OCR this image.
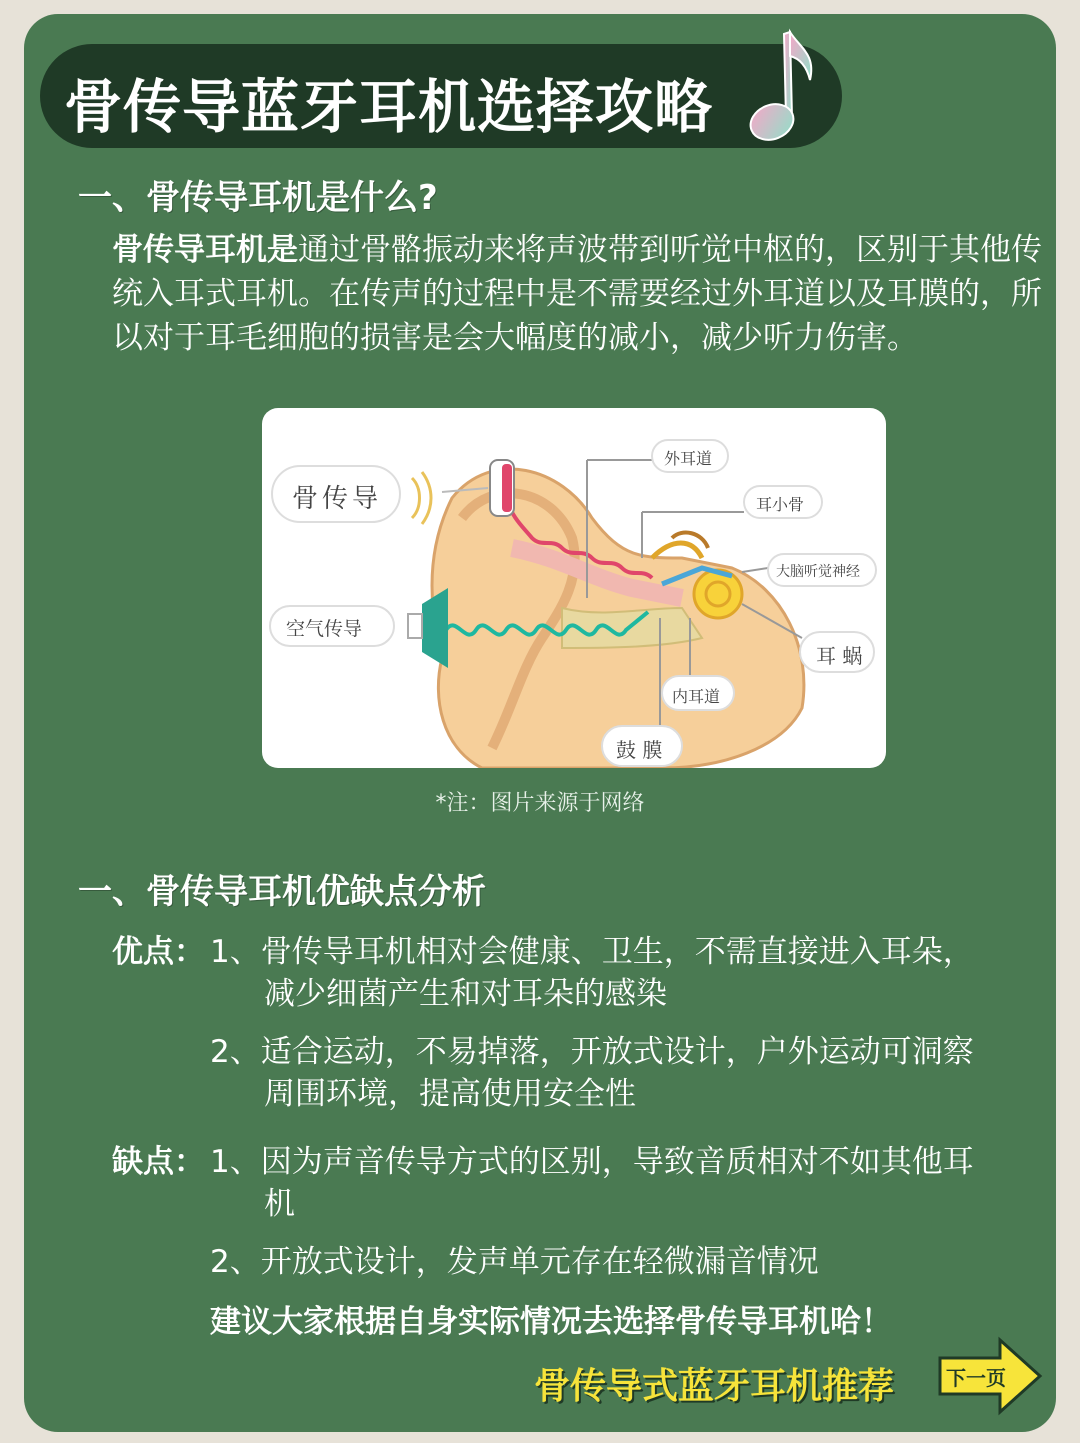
骨传导蓝牙耳机选择攻略
一、骨传导耳机是什么?
骨传导耳机是通过骨骼振动来将声波带到听觉中枢的，区别于其他传统入耳式耳机。在传声的过程中是不需要经过外耳道以及耳膜的，所以对于耳毛细胞的损害是会大幅度的减小，减少听力伤害。
骨传导
空气传导
外耳道
耳小骨
大脑听觉神经
耳 蜗
内耳道
鼓 膜
*注：图片来源于网络
一、骨传导耳机优缺点分析
优点： 1、骨传导耳机相对会健康、卫生，不需直接进入耳朵，
减少细菌产生和对耳朵的感染
2、适合运动，不易掉落，开放式设计，户外运动可洞察
周围环境，提高使用安全性
缺点： 1、因为声音传导方式的区别，导致音质相对不如其他耳
机
2、开放式设计，发声单元存在轻微漏音情况
建议大家根据自身实际情况去选择骨传导耳机哈！
骨传导式蓝牙耳机推荐	下一页
